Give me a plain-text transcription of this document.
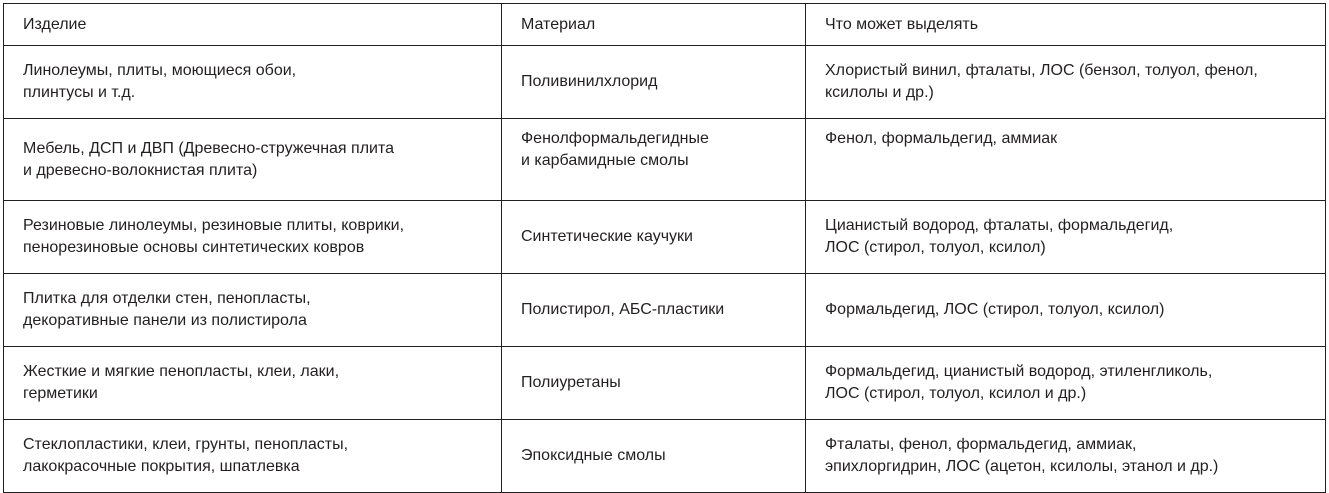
Изделие	Материал	Что может выделять

Линолеумы, плиты, моющиеся обои,
плинтусы и т.д.	Поливинилхлорид	Хлористый винил, фталаты, ЛОС (бензол, толуол, фенол,
ксилолы и др.)

Мебель, ДСП и ДВП (Древесно-стружечная плита
и древесно-волокнистая плита)	Фенолформальдегидные
и карбамидные смолы	Фенол, формальдегид, аммиак

Резиновые линолеумы, резиновые плиты, коврики,
пенорезиновые основы синтетических ковров	Синтетические каучуки	Цианистый водород, фталаты, формальдегид,
ЛОС (стирол, толуол, ксилол)

Плитка для отделки стен, пенопласты,
декоративные панели из полистирола	Полистирол, АБС-пластики	Формальдегид, ЛОС (стирол, толуол, ксилол)

Жесткие и мягкие пенопласты, клеи, лаки,
герметики	Полиуретаны	Формальдегид, цианистый водород, этиленгликоль,
ЛОС (стирол, толуол, ксилол и др.)

Стеклопластики, клеи, грунты, пенопласты,
лакокрасочные покрытия, шпатлевка	Эпоксидные смолы	Фталаты, фенол, формальдегид, аммиак,
эпихлоргидрин, ЛОС (ацетон, ксилолы, этанол и др.)
